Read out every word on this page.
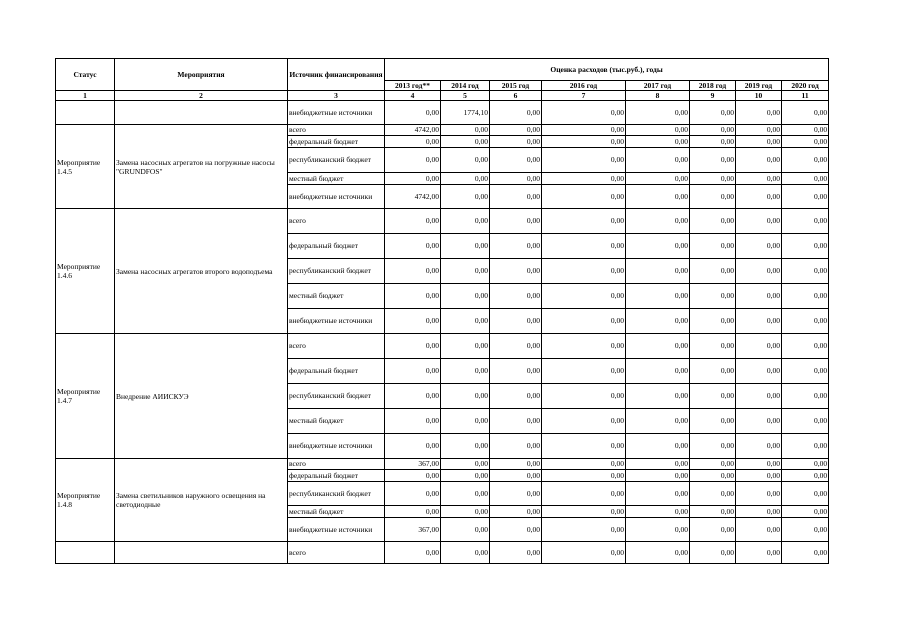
Статус	Мероприятия	Источник финансирования	Оценка расходов (тыс.руб.), годы							
			2013 год**	2014 год	2015 год	2016 год	2017 год	2018 год	2019 год	2020 год
1	2	3	4	5	6	7	8	9	10	11
		внебюджетные источники	0,00	1774,10	0,00	0,00	0,00	0,00	0,00	0,00
Мероприятие 1.4.5	Замена насосных агрегатов на погружные насосы "GRUNDFOS"	всего	4742,00	0,00	0,00	0,00	0,00	0,00	0,00	0,00
		федеральный бюджет	0,00	0,00	0,00	0,00	0,00	0,00	0,00	0,00
		республиканский бюджет	0,00	0,00	0,00	0,00	0,00	0,00	0,00	0,00
		местный бюджет	0,00	0,00	0,00	0,00	0,00	0,00	0,00	0,00
		внебюджетные источники	4742,00	0,00	0,00	0,00	0,00	0,00	0,00	0,00
Мероприятие 1.4.6	Замена насосных агрегатов второго водоподъема	всего	0,00	0,00	0,00	0,00	0,00	0,00	0,00	0,00
		федеральный бюджет	0,00	0,00	0,00	0,00	0,00	0,00	0,00	0,00
		республиканский бюджет	0,00	0,00	0,00	0,00	0,00	0,00	0,00	0,00
		местный бюджет	0,00	0,00	0,00	0,00	0,00	0,00	0,00	0,00
		внебюджетные источники	0,00	0,00	0,00	0,00	0,00	0,00	0,00	0,00
Мероприятие 1.4.7	Внедрение АИИСКУЭ	всего	0,00	0,00	0,00	0,00	0,00	0,00	0,00	0,00
		федеральный бюджет	0,00	0,00	0,00	0,00	0,00	0,00	0,00	0,00
		республиканский бюджет	0,00	0,00	0,00	0,00	0,00	0,00	0,00	0,00
		местный бюджет	0,00	0,00	0,00	0,00	0,00	0,00	0,00	0,00
		внебюджетные источники	0,00	0,00	0,00	0,00	0,00	0,00	0,00	0,00
Мероприятие 1.4.8	Замена светильников наружного освещения на светодиодные	всего	367,00	0,00	0,00	0,00	0,00	0,00	0,00	0,00
		федеральный бюджет	0,00	0,00	0,00	0,00	0,00	0,00	0,00	0,00
		республиканский бюджет	0,00	0,00	0,00	0,00	0,00	0,00	0,00	0,00
		местный бюджет	0,00	0,00	0,00	0,00	0,00	0,00	0,00	0,00
		внебюджетные источники	367,00	0,00	0,00	0,00	0,00	0,00	0,00	0,00
		всего	0,00	0,00	0,00	0,00	0,00	0,00	0,00	0,00
